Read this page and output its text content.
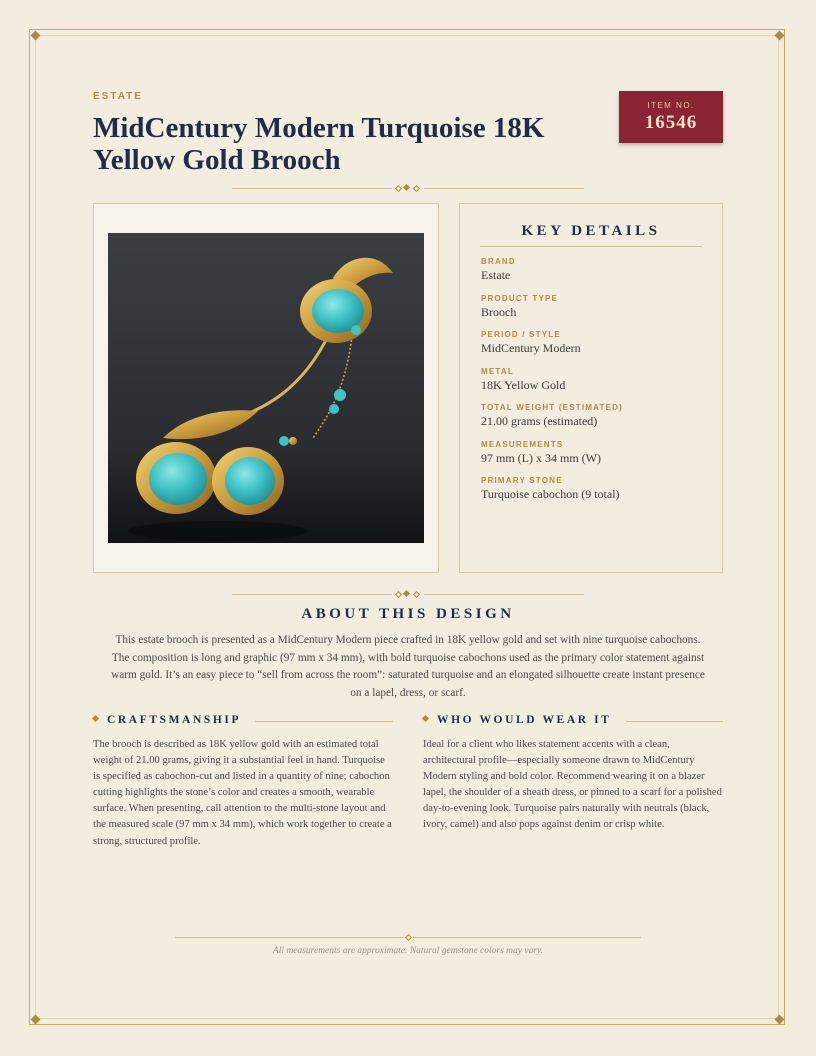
ESTATE
MidCentury Modern Turquoise 18K Yellow Gold Brooch
ITEM NO.
16546
KEY DETAILS
BRAND
Estate
PRODUCT TYPE
Brooch
PERIOD / STYLE
MidCentury Modern
METAL
18K Yellow Gold
TOTAL WEIGHT (ESTIMATED)
21.00 grams (estimated)
MEASUREMENTS
97 mm (L) x 34 mm (W)
PRIMARY STONE
Turquoise cabochon (9 total)
ABOUT THIS DESIGN
This estate brooch is presented as a MidCentury Modern piece crafted in 18K yellow gold and set with nine turquoise cabochons. The composition is long and graphic (97 mm x 34 mm), with bold turquoise cabochons used as the primary color statement against warm gold. It’s an easy piece to “sell from across the room”: saturated turquoise and an elongated silhouette create instant presence on a lapel, dress, or scarf.
CRAFTSMANSHIP
The brooch is described as 18K yellow gold with an estimated total weight of 21.00 grams, giving it a substantial feel in hand. Turquoise is specified as cabochon-cut and listed in a quantity of nine; cabochon cutting highlights the stone’s color and creates a smooth, wearable surface. When presenting, call attention to the multi-stone layout and the measured scale (97 mm x 34 mm), which work together to create a strong, structured profile.
WHO WOULD WEAR IT
Ideal for a client who likes statement accents with a clean, architectural profile—especially someone drawn to MidCentury Modern styling and bold color. Recommend wearing it on a blazer lapel, the shoulder of a sheath dress, or pinned to a scarf for a polished day-to-evening look. Turquoise pairs naturally with neutrals (black, ivory, camel) and also pops against denim or crisp white.
All measurements are approximate. Natural gemstone colors may vary.
